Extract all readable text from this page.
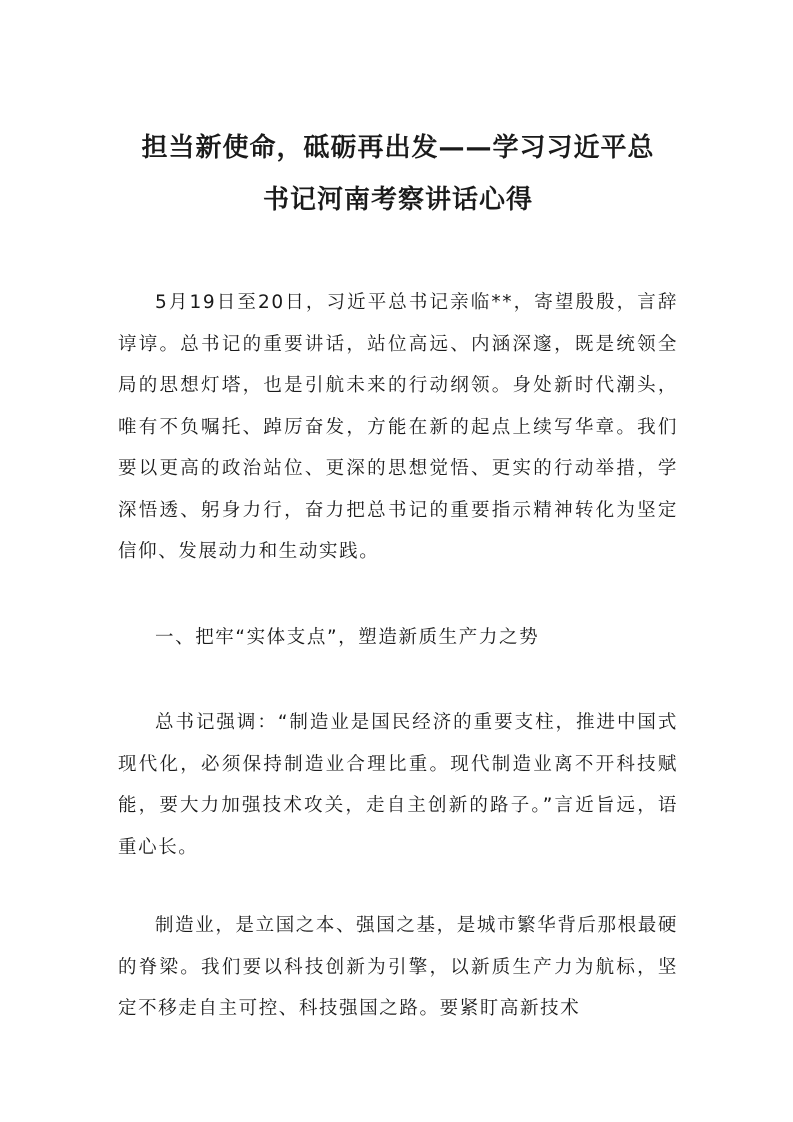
担当新使命，砥砺再出发——学习习近平总
书记河南考察讲话心得

5月19日至20日，习近平总书记亲临**，寄望殷殷，言辞谆谆。总书记的重要讲话，站位高远、内涵深邃，既是统领全局的思想灯塔，也是引航未来的行动纲领。身处新时代潮头，唯有不负嘱托、踔厉奋发，方能在新的起点上续写华章。我们要以更高的政治站位、更深的思想觉悟、更实的行动举措，学深悟透、躬身力行，奋力把总书记的重要指示精神转化为坚定信仰、发展动力和生动实践。

一、把牢“实体支点”，塑造新质生产力之势

总书记强调：“制造业是国民经济的重要支柱，推进中国式现代化，必须保持制造业合理比重。现代制造业离不开科技赋能，要大力加强技术攻关，走自主创新的路子。”言近旨远，语重心长。

制造业，是立国之本、强国之基，是城市繁华背后那根最硬的脊梁。我们要以科技创新为引擎，以新质生产力为航标，坚定不移走自主可控、科技强国之路。要紧盯高新技术
